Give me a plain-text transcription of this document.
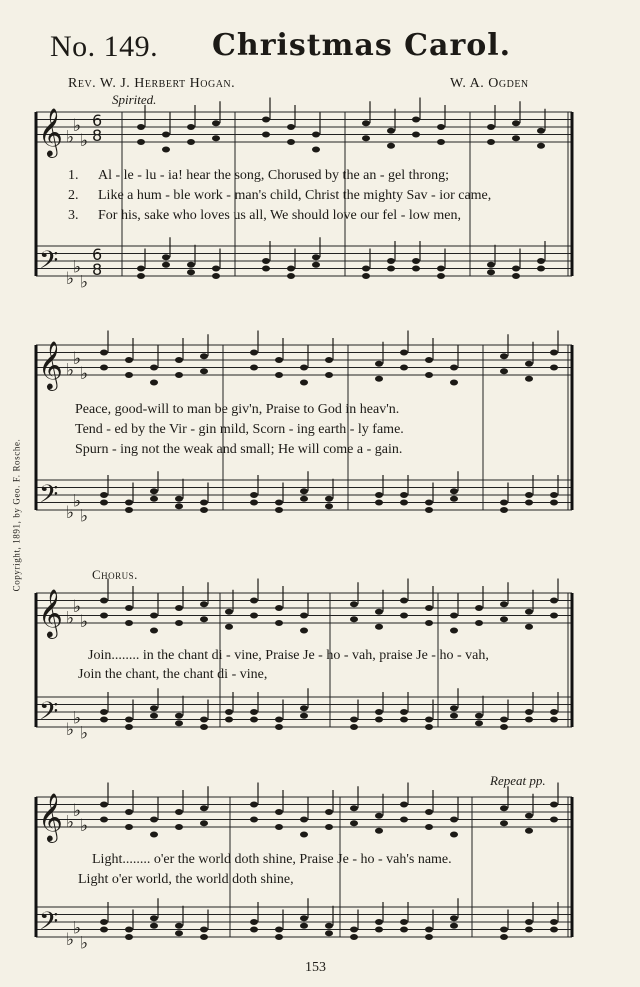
No. 149. Christmas Carol.
Rev. W. J. Herbert Hogan.	W. A. Ogden
Spirited.
Copyright, 1891, by Geo. F. Rosche.
𝄞
𝄢
♭
♭
♭
♭
♭
♭
6
8
6
8
𝄞
𝄢
♭
♭
♭
♭
♭
♭
𝄞
𝄢
♭
♭
♭
♭
♭
♭
𝄞
𝄢
♭
♭
♭
♭
♭
♭
1. Al - le - lu - ia! hear the song, Chorused by the an - gel throng;
2. Like a hum - ble work - man's child, Christ the mighty Sav - ior came,
3. For his, sake who loves us all, We should love our fel - low men,
Peace, good-will to man be giv'n, Praise to God in heav'n.
Tend - ed by the Vir - gin mild, Scorn - ing earth - ly fame.
Spurn - ing not the weak and small; He will come a - gain.
Chorus.
Join........ in the chant di - vine, Praise Je - ho - vah, praise Je - ho - vah,
Join the chant, the chant di - vine,
Repeat pp.
Light........ o'er the world doth shine, Praise Je - ho - vah's name.
Light o'er world, the world doth shine,
153
